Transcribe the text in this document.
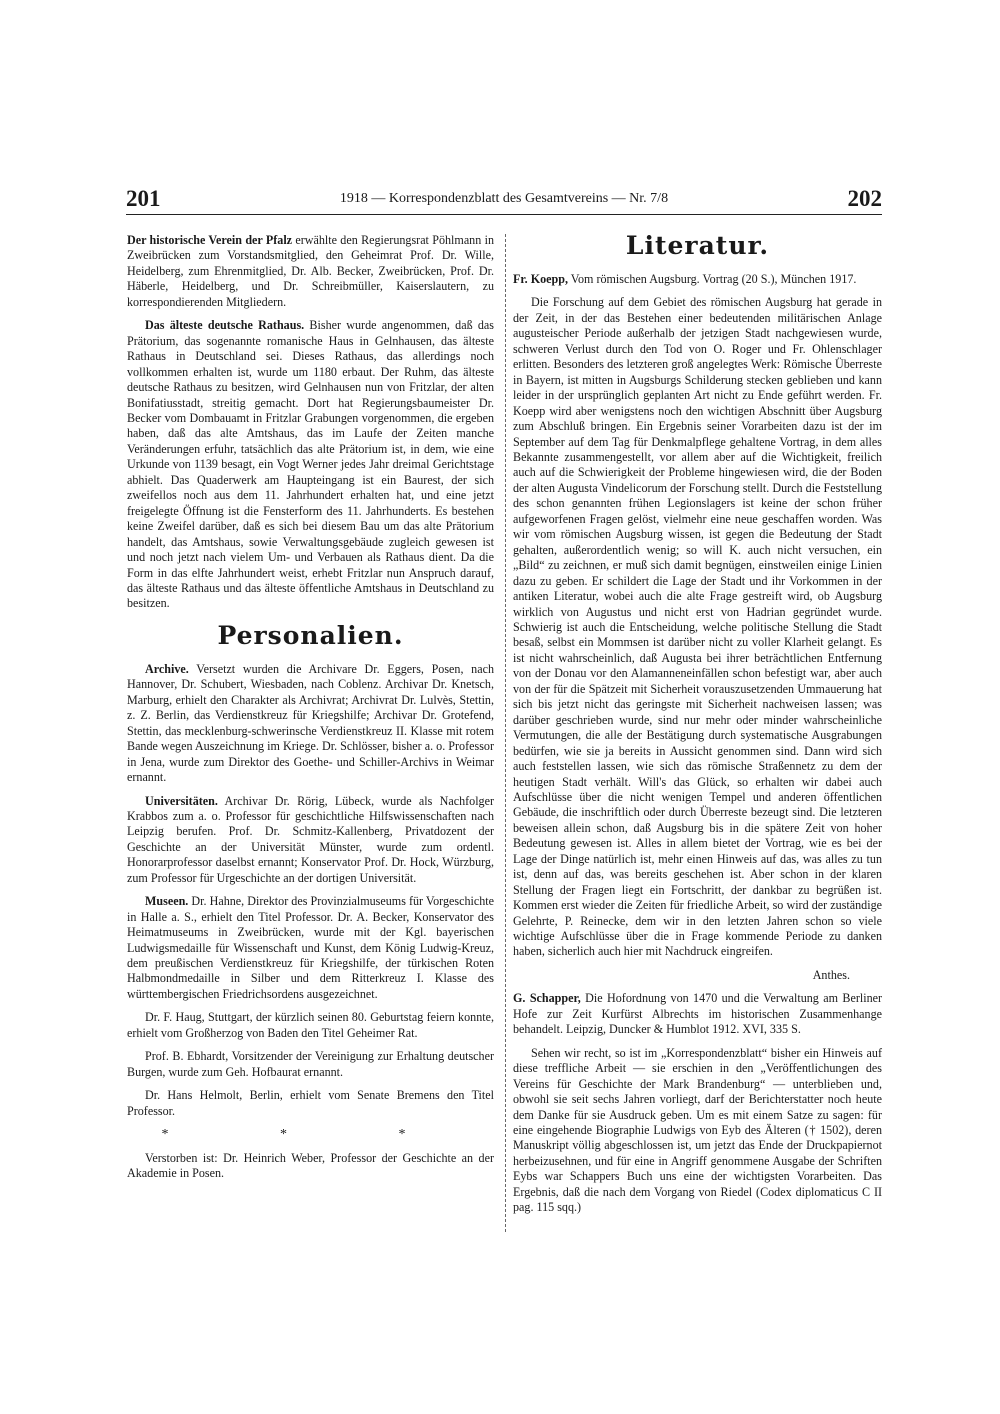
201	1918 — Korrespondenzblatt des Gesamtvereins — Nr. 7/8	202

Der historische Verein der Pfalz erwählte den Regierungsrat Pöhlmann in Zweibrücken zum Vorstandsmitglied, den Geheimrat Prof. Dr. Wille, Heidelberg, zum Ehrenmitglied, Dr. Alb. Becker, Zweibrücken, Prof. Dr. Häberle, Heidelberg, und Dr. Schreibmüller, Kaiserslautern, zu korrespondierenden Mitgliedern.

Das älteste deutsche Rathaus. Bisher wurde angenommen, daß das Prätorium, das sogenannte romanische Haus in Gelnhausen, das älteste Rathaus in Deutschland sei. Dieses Rathaus, das allerdings noch vollkommen erhalten ist, wurde um 1180 erbaut. Der Ruhm, das älteste deutsche Rathaus zu besitzen, wird Gelnhausen nun von Fritzlar, der alten Bonifatiusstadt, streitig gemacht. Dort hat Regierungsbaumeister Dr. Becker vom Dombauamt in Fritzlar Grabungen vorgenommen, die ergeben haben, daß das alte Amtshaus, das im Laufe der Zeiten manche Veränderungen erfuhr, tatsächlich das alte Prätorium ist, in dem, wie eine Urkunde von 1139 besagt, ein Vogt Werner jedes Jahr dreimal Gerichtstage abhielt. Das Quaderwerk am Haupteingang ist ein Baurest, der sich zweifellos noch aus dem 11. Jahrhundert erhalten hat, und eine jetzt freigelegte Öffnung ist die Fensterform des 11. Jahrhunderts. Es bestehen keine Zweifel darüber, daß es sich bei diesem Bau um das alte Prätorium handelt, das Amtshaus, sowie Verwaltungsgebäude zugleich gewesen ist und noch jetzt nach vielem Um- und Verbauen als Rathaus dient. Da die Form in das elfte Jahrhundert weist, erhebt Fritzlar nun Anspruch darauf, das älteste Rathaus und das älteste öffentliche Amtshaus in Deutschland zu besitzen.

Personalien.

Archive. Versetzt wurden die Archivare Dr. Eggers, Posen, nach Hannover, Dr. Schubert, Wiesbaden, nach Coblenz. Archivar Dr. Knetsch, Marburg, erhielt den Charakter als Archivrat; Archivrat Dr. Lulvès, Stettin, z. Z. Berlin, das Verdienstkreuz für Kriegshilfe; Archivar Dr. Grotefend, Stettin, das mecklenburg-schwerinsche Verdienstkreuz II. Klasse mit rotem Bande wegen Auszeichnung im Kriege. Dr. Schlösser, bisher a. o. Professor in Jena, wurde zum Direktor des Goethe- und Schiller-Archivs in Weimar ernannt.

Universitäten. Archivar Dr. Rörig, Lübeck, wurde als Nachfolger Krabbos zum a. o. Professor für geschichtliche Hilfswissenschaften nach Leipzig berufen. Prof. Dr. Schmitz-Kallenberg, Privatdozent der Geschichte an der Universität Münster, wurde zum ordentl. Honorarprofessor daselbst ernannt; Konservator Prof. Dr. Hock, Würzburg, zum Professor für Urgeschichte an der dortigen Universität.

Museen. Dr. Hahne, Direktor des Provinzialmuseums für Vorgeschichte in Halle a. S., erhielt den Titel Professor. Dr. A. Becker, Konservator des Heimatmuseums in Zweibrücken, wurde mit der Kgl. bayerischen Ludwigsmedaille für Wissenschaft und Kunst, dem König Ludwig-Kreuz, dem preußischen Verdienstkreuz für Kriegshilfe, der türkischen Roten Halbmondmedaille in Silber und dem Ritterkreuz I. Klasse des württembergischen Friedrichsordens ausgezeichnet.

Dr. F. Haug, Stuttgart, der kürzlich seinen 80. Geburtstag feiern konnte, erhielt vom Großherzog von Baden den Titel Geheimer Rat.

Prof. B. Ebhardt, Vorsitzender der Vereinigung zur Erhaltung deutscher Burgen, wurde zum Geh. Hofbaurat ernannt.

Dr. Hans Helmolt, Berlin, erhielt vom Senate Bremens den Titel Professor.

* * *

Verstorben ist: Dr. Heinrich Weber, Professor der Geschichte an der Akademie in Posen.

Literatur.

Fr. Koepp, Vom römischen Augsburg. Vortrag (20 S.), München 1917.

Die Forschung auf dem Gebiet des römischen Augsburg hat gerade in der Zeit, in der das Bestehen einer bedeutenden militärischen Anlage augusteischer Periode außerhalb der jetzigen Stadt nachgewiesen wurde, schweren Verlust durch den Tod von O. Roger und Fr. Ohlenschlager erlitten. Besonders des letzteren groß angelegtes Werk: Römische Überreste in Bayern, ist mitten in Augsburgs Schilderung stecken geblieben und kann leider in der ursprünglich geplanten Art nicht zu Ende geführt werden. Fr. Koepp wird aber wenigstens noch den wichtigen Abschnitt über Augsburg zum Abschluß bringen. Ein Ergebnis seiner Vorarbeiten dazu ist der im September auf dem Tag für Denkmalpflege gehaltene Vortrag, in dem alles Bekannte zusammengestellt, vor allem aber auf die Wichtigkeit, freilich auch auf die Schwierigkeit der Probleme hingewiesen wird, die der Boden der alten Augusta Vindelicorum der Forschung stellt. Durch die Feststellung des schon genannten frühen Legionslagers ist keine der schon früher aufgeworfenen Fragen gelöst, vielmehr eine neue geschaffen worden. Was wir vom römischen Augsburg wissen, ist gegen die Bedeutung der Stadt gehalten, außerordentlich wenig; so will K. auch nicht versuchen, ein „Bild“ zu zeichnen, er muß sich damit begnügen, einstweilen einige Linien dazu zu geben. Er schildert die Lage der Stadt und ihr Vorkommen in der antiken Literatur, wobei auch die alte Frage gestreift wird, ob Augsburg wirklich von Augustus und nicht erst von Hadrian gegründet wurde. Schwierig ist auch die Entscheidung, welche politische Stellung die Stadt besaß, selbst ein Mommsen ist darüber nicht zu voller Klarheit gelangt. Es ist nicht wahrscheinlich, daß Augusta bei ihrer beträchtlichen Entfernung von der Donau vor den Alamanneneinfällen schon befestigt war, aber auch von der für die Spätzeit mit Sicherheit vorauszusetzenden Ummauerung hat sich bis jetzt nicht das geringste mit Sicherheit nachweisen lassen; was darüber geschrieben wurde, sind nur mehr oder minder wahrscheinliche Vermutungen, die alle der Bestätigung durch systematische Ausgrabungen bedürfen, wie sie ja bereits in Aussicht genommen sind. Dann wird sich auch feststellen lassen, wie sich das römische Straßennetz zu dem der heutigen Stadt verhält. Will's das Glück, so erhalten wir dabei auch Aufschlüsse über die nicht wenigen Tempel und anderen öffentlichen Gebäude, die inschriftlich oder durch Überreste bezeugt sind. Die letzteren beweisen allein schon, daß Augsburg bis in die spätere Zeit von hoher Bedeutung gewesen ist. Alles in allem bietet der Vortrag, wie es bei der Lage der Dinge natürlich ist, mehr einen Hinweis auf das, was alles zu tun ist, denn auf das, was bereits geschehen ist. Aber schon in der klaren Stellung der Fragen liegt ein Fortschritt, der dankbar zu begrüßen ist. Kommen erst wieder die Zeiten für friedliche Arbeit, so wird der zuständige Gelehrte, P. Reinecke, dem wir in den letzten Jahren schon so viele wichtige Aufschlüsse über die in Frage kommende Periode zu danken haben, sicherlich auch hier mit Nachdruck eingreifen.

Anthes.

G. Schapper, Die Hofordnung von 1470 und die Verwaltung am Berliner Hofe zur Zeit Kurfürst Albrechts im historischen Zusammenhange behandelt. Leipzig, Duncker & Humblot 1912. XVI, 335 S.

Sehen wir recht, so ist im „Korrespondenzblatt“ bisher ein Hinweis auf diese treffliche Arbeit — sie erschien in den „Veröffentlichungen des Vereins für Geschichte der Mark Brandenburg“ — unterblieben und, obwohl sie seit sechs Jahren vorliegt, darf der Berichterstatter noch heute dem Danke für sie Ausdruck geben. Um es mit einem Satze zu sagen: für eine eingehende Biographie Ludwigs von Eyb des Älteren († 1502), deren Manuskript völlig abgeschlossen ist, um jetzt das Ende der Druckpapiernot herbeizusehnen, und für eine in Angriff genommene Ausgabe der Schriften Eybs war Schappers Buch uns eine der wichtigsten Vorarbeiten. Das Ergebnis, daß die nach dem Vorgang von Riedel (Codex diplomaticus C II pag. 115 sqq.)
